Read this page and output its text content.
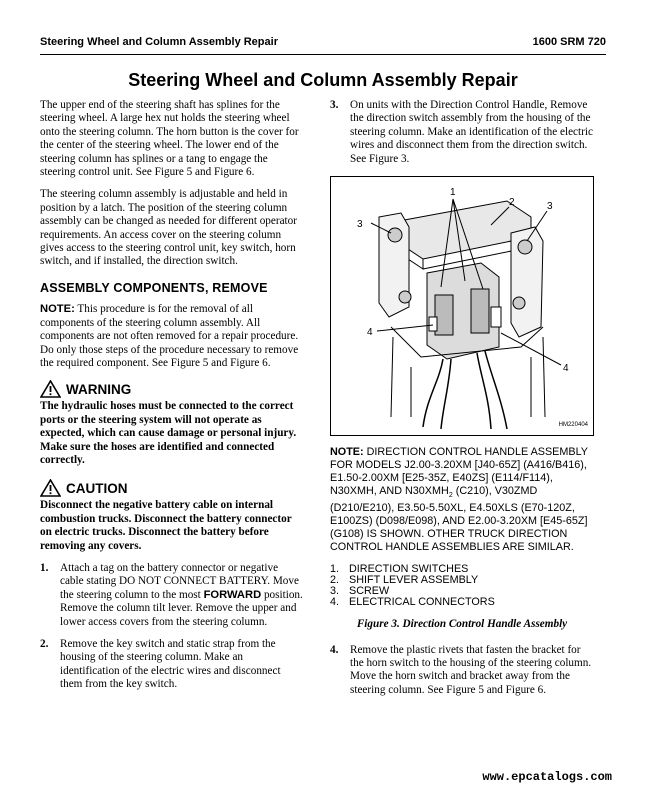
Steering Wheel and Column Assembly Repair	1600 SRM 720
Steering Wheel and Column Assembly Repair

The upper end of the steering shaft has splines for the steering wheel. A large hex nut holds the steering wheel onto the steering column. The horn button is the cover for the center of the steering wheel. The lower end of the steering column has splines or a tang to engage the steering control unit. See Figure 5 and Figure 6.

The steering column assembly is adjustable and held in position by a latch. The position of the steering column assembly can be changed as needed for different operator requirements. An access cover on the steering column gives access to the steering control unit, key switch, horn switch, and if installed, the direction switch.

ASSEMBLY COMPONENTS, REMOVE

NOTE: This procedure is for the removal of all components of the steering column assembly. All components are not often removed for a repair procedure. Do only those steps of the procedure necessary to remove the required component. See Figure 5 and Figure 6.

WARNING

The hydraulic hoses must be connected to the correct ports or the steering system will not operate as expected, which can cause damage or personal injury. Make sure the hoses are identified and connected correctly.

CAUTION

Disconnect the negative battery cable on internal combustion trucks. Disconnect the battery connector on electric trucks. Disconnect the battery before removing any covers.

1.	Attach a tag on the battery connector or negative cable stating DO NOT CONNECT BATTERY. Move the steering column to the most FORWARD position. Remove the column tilt lever. Remove the upper and lower access covers from the steering column.
2.	Remove the key switch and static strap from the housing of the steering column. Make an identification of the electric wires and disconnect them from the key switch.
3.	On units with the Direction Control Handle, Remove the direction switch assembly from the housing of the steering column. Make an identification of the electric wires and disconnect them from the direction switch. See Figure 3.
1
2
3
3
4
4
HM220404

NOTE: DIRECTION CONTROL HANDLE ASSEMBLY FOR MODELS J2.00-3.20XM [J40-65Z] (A416/B416), E1.50-2.00XM [E25-35Z, E40ZS] (E114/F114), N30XMH, AND $N30XMH_2$ (C210), V30ZMD (D210/E210), E3.50-5.50XL, E4.50XLS (E70-120Z, E100ZS) (D098/E098), AND E2.00-3.20XM [E45-65Z] (G108) IS SHOWN. OTHER TRUCK DIRECTION CONTROL HANDLE ASSEMBLIES ARE SIMILAR.

1. DIRECTION SWITCHES
2. SHIFT LEVER ASSEMBLY
3. SCREW
4. ELECTRICAL CONNECTORS

Figure 3. Direction Control Handle Assembly

4.	Remove the plastic rivets that fasten the bracket for the horn switch to the housing of the steering column. Move the horn switch and bracket away from the steering column. See Figure 5 and Figure 6.
www.epcatalogs.com
